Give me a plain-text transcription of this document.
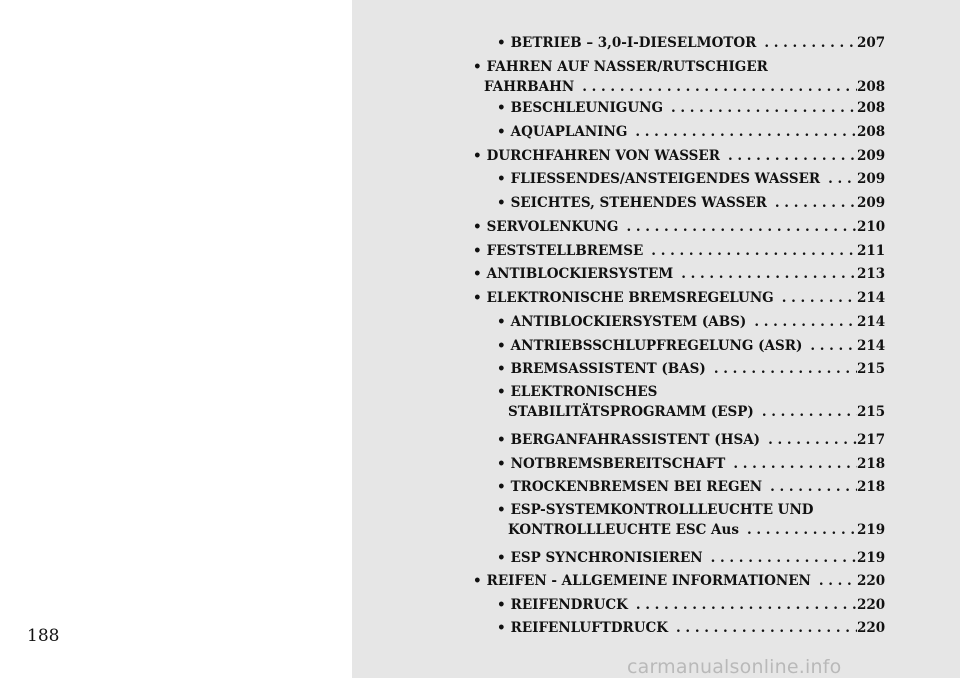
• BETRIEB – 3,0-I-DIESELMOTOR . . .	207
• FAHREN AUF NASSER/RUTSCHIGER
FAHRBAHN . . .	208
• BESCHLEUNIGUNG . . .	208
• AQUAPLANING . . .	208
• DURCHFAHREN VON WASSER . . .	209
• FLIESSENDES/ANSTEIGENDES WASSER . . .	209
• SEICHTES, STEHENDES WASSER . . .	209
• SERVOLENKUNG . . .	210
• FESTSTELLBREMSE . . .	211
• ANTIBLOCKIERSYSTEM . . .	213
• ELEKTRONISCHE BREMSREGELUNG . . .	214
• ANTIBLOCKIERSYSTEM (ABS) . . .	214
• ANTRIEBSSCHLUPFREGELUNG (ASR) . . .	214
• BREMSASSISTENT (BAS) . . .	215
• ELEKTRONISCHES
STABILITÄTSPROGRAMM (ESP) . . .	215
• BERGANFAHRASSISTENT (HSA) . . .	217
• NOTBREMSBEREITSCHAFT . . .	218
• TROCKENBREMSEN BEI REGEN . . .	218
• ESP-SYSTEMKONTROLLLEUCHTE UND
KONTROLLLEUCHTE ESC Aus . . .	219
• ESP SYNCHRONISIEREN . . .	219
• REIFEN - ALLGEMEINE INFORMATIONEN . . .	220
• REIFENDRUCK . . .	220
• REIFENLUFTDRUCK . . .	220
188
carmanualsonline.info
